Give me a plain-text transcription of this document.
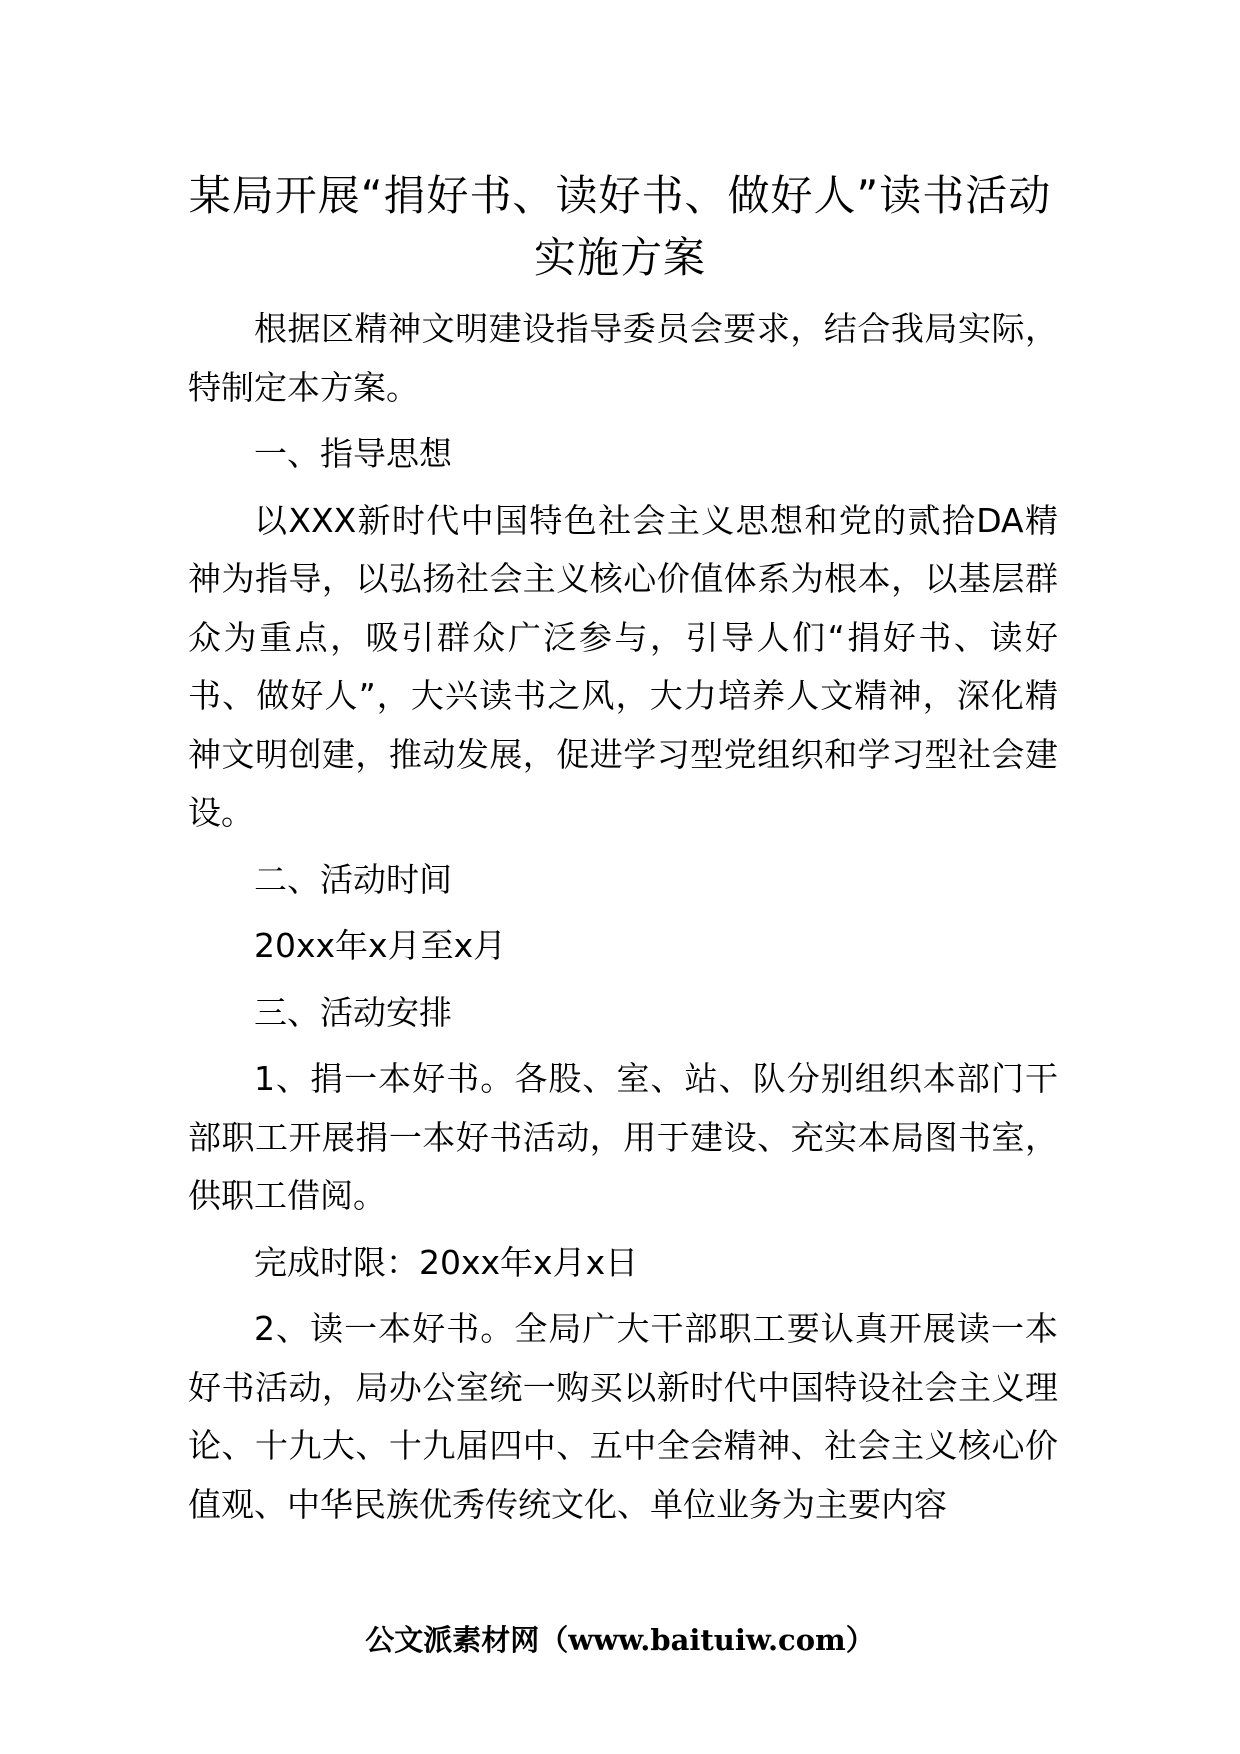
某局开展“捐好书、读好书、做好人”读书活动实施方案

根据区精神文明建设指导委员会要求，结合我局实际，特制定本方案。

一、指导思想

以XXX新时代中国特色社会主义思想和党的贰拾DA精神为指导，以弘扬社会主义核心价值体系为根本，以基层群众为重点，吸引群众广泛参与，引导人们“捐好书、读好书、做好人”，大兴读书之风，大力培养人文精神，深化精神文明创建，推动发展，促进学习型党组织和学习型社会建设。

二、活动时间

20xx年x月至x月

三、活动安排

1、捐一本好书。各股、室、站、队分别组织本部门干部职工开展捐一本好书活动，用于建设、充实本局图书室，供职工借阅。

完成时限：20xx年x月x日

2、读一本好书。全局广大干部职工要认真开展读一本好书活动，局办公室统一购买以新时代中国特设社会主义理论、十九大、十九届四中、五中全会精神、社会主义核心价值观、中华民族优秀传统文化、单位业务为主要内容

公文派素材网（www.baituiw.com）
